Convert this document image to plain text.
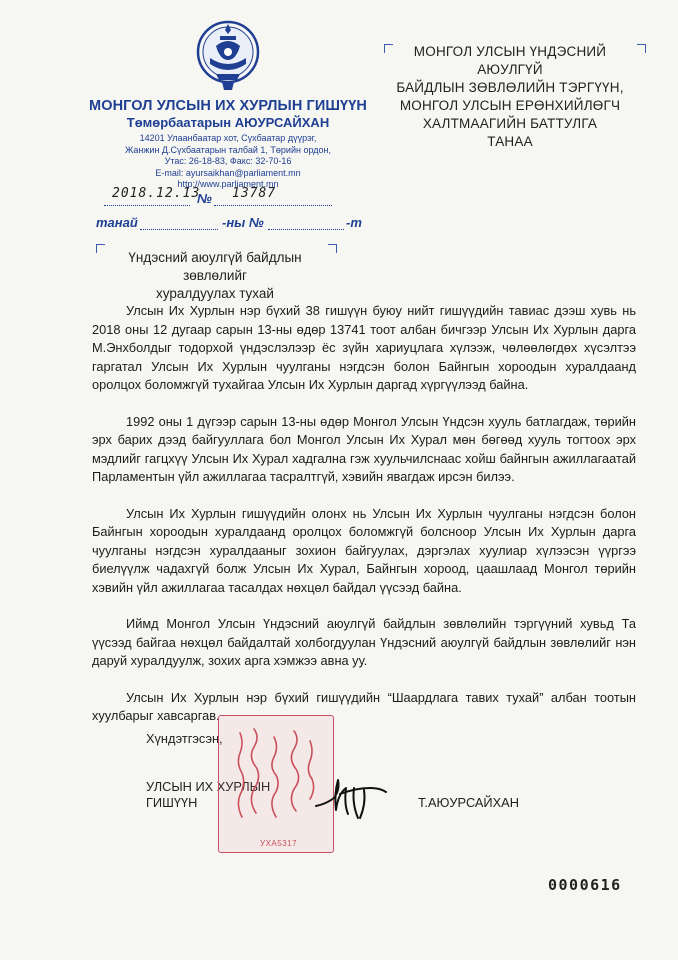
МОНГОЛ УЛСЫН ИХ ХУРЛЫН ГИШҮҮН
Төмөрбаатарын АЮУРСАЙХАН
14201 Улаанбаатар хот, Сүхбаатар дүүрэг,
Жанжин Д.Сүхбаатарын талбай 1, Төрийн ордон,
Утас: 26-18-83, Факс: 32-70-16
E-mail: ayursaikhan@parliament.mn
http://www.parliament.mn
2018.12.13
№ 13787
танай	-ны №	-т
МОНГОЛ УЛСЫН ҮНДЭСНИЙ АЮУЛГҮЙ
БАЙДЛЫН ЗӨВЛӨЛИЙН ТЭРГҮҮН,
МОНГОЛ УЛСЫН ЕРӨНХИЙЛӨГЧ
ХАЛТМААГИЙН БАТТУЛГА
ТАНАА
Үндэсний аюулгүй байдлын зөвлөлийг
хуралдуулах тухай

Улсын Их Хурлын нэр бүхий 38 гишүүн буюу нийт гишүүдийн тавиас дээш хувь нь 2018 оны 12 дугаар сарын 13-ны өдөр 13741 тоот албан бичгээр Улсын Их Хурлын дарга М.Энхболдыг тодорхой үндэслэлээр ёс зүйн хариуцлага хүлээж, чөлөөлөгдөх хүсэлтээ гаргатал Улсын Их Хурлын чуулганы нэгдсэн болон Байнгын хороодын хуралдаанд оролцох боломжгүй тухайгаа Улсын Их Хурлын даргад хүргүүлээд байна.

1992 оны 1 дүгээр сарын 13-ны өдөр Монгол Улсын Үндсэн хууль батлагдаж, төрийн эрх барих дээд байгууллага бол Монгол Улсын Их Хурал мөн бөгөөд хууль тогтоох эрх мэдлийг гагцхүү Улсын Их Хурал хадгална гэж хуульчилснаас хойш байнгын ажиллагаатай Парламентын үйл ажиллагаа тасралтгүй, хэвийн явагдаж ирсэн билээ.

Улсын Их Хурлын гишүүдийн олонх нь Улсын Их Хурлын чуулганы нэгдсэн болон Байнгын хороодын хуралдаанд оролцох боломжгүй болсноор Улсын Их Хурлын дарга чуулганы нэгдсэн хуралдааныг зохион байгуулах, дэргэлах хуулиар хүлээсэн үүргээ биелүүлж чадахгүй болж Улсын Их Хурал, Байнгын хороод, цаашлаад Монгол төрийн хэвийн үйл ажиллагаа тасалдах нөхцөл байдал үүсээд байна.

Иймд Монгол Улсын Үндэсний аюулгүй байдлын зөвлөлийн тэргүүний хувьд Та үүсээд байгаа нөхцөл байдалтай холбогдуулан Үндэсний аюулгүй байдлын зөвлөлийг нэн даруй хуралдуулж, зохих арга хэмжээ авна уу.

Улсын Их Хурлын нэр бүхий гишүүдийн “Шаардлага тавих тухай” албан тоотын хуулбарыг хавсаргав.

Хүндэтгэсэн,
УЛСЫН ИХ ХУРЛЫН
ГИШҮҮН	Т.АЮУРСАЙХАН
УХА5317
0000616
